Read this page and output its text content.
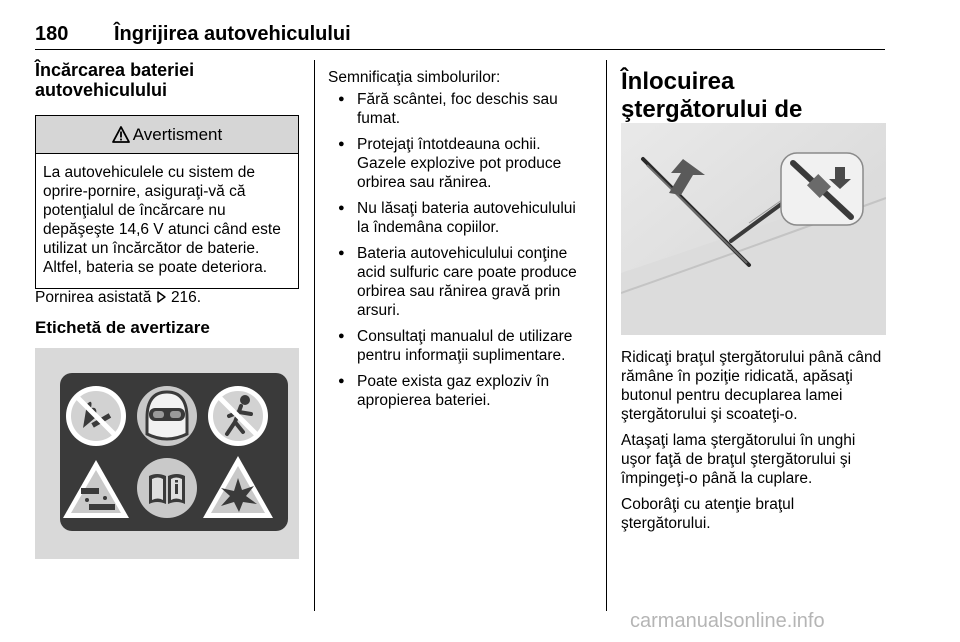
180 Îngrijirea autovehiculului
Încărcarea bateriei autovehiculului
Avertisment
La autovehiculele cu sistem de oprire-pornire, asiguraţi-vă că potenţialul de încărcare nu depăşeşte 14,6 V atunci când este utilizat un încărcător de baterie. Altfel, bateria se poate deteriora.

Pornirea asistată 216.

Etichetă de avertizare

Semnificaţia simbolurilor:

● Fără scântei, foc deschis sau fumat.
● Protejaţi întotdeauna ochii. Gazele explozive pot produce orbirea sau rănirea.
● Nu lăsaţi bateria autovehiculului la îndemâna copiilor.
● Bateria autovehiculului conţine acid sulfuric care poate produce orbirea sau rănirea gravă prin arsuri.
● Consultaţi manualul de utilizare pentru informaţii suplimentare.
● Poate exista gaz exploziv în apropierea bateriei.
Înlocuirea ştergătorului de

Ridicaţi braţul ştergătorului până când rămâne în poziţie ridicată, apăsaţi butonul pentru decuplarea lamei ştergătorului şi scoateţi-o.

Ataşaţi lama ştergătorului în unghi uşor faţă de braţul ştergătorului şi împingeţi-o până la cuplare.

Coborâţi cu atenţie braţul ştergătorului.

carmanualsonline.info
